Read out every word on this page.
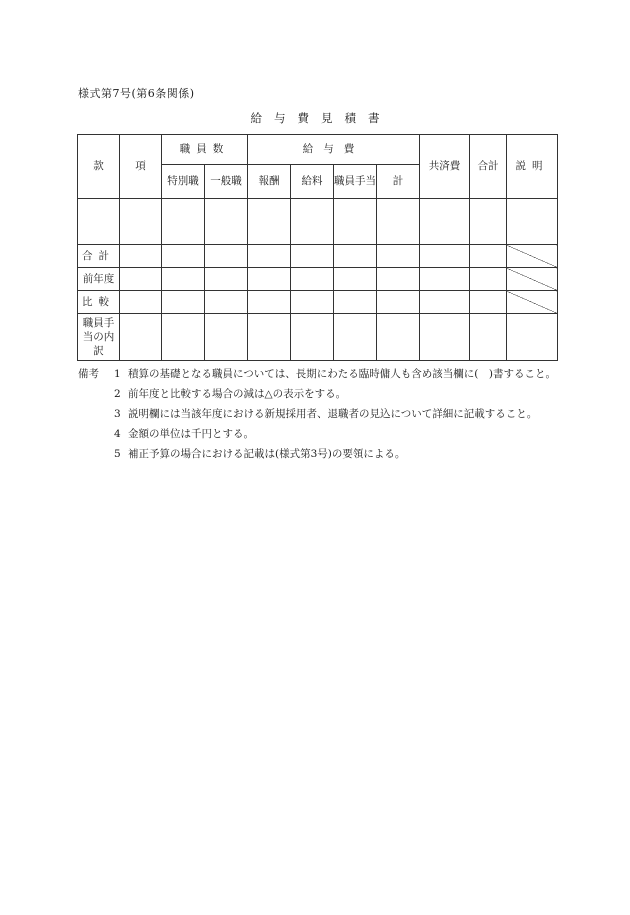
様式第7号(第6条関係)
給与費見積書
款	項	職員数		給与費				共済費	合計	説明
		特別職	一般職	報酬	給料	職員手当	計			

合計										
前年度										
比較										
職員手当の内訳										
備考 1 積算の基礎となる職員については、長期にわたる臨時傭人も含め該当欄に(　)書すること。
2 前年度と比較する場合の減は△の表示をする。
3 説明欄には当該年度における新規採用者、退職者の見込について詳細に記載すること。
4 金額の単位は千円とする。
5 補正予算の場合における記載は(様式第3号)の要領による。
